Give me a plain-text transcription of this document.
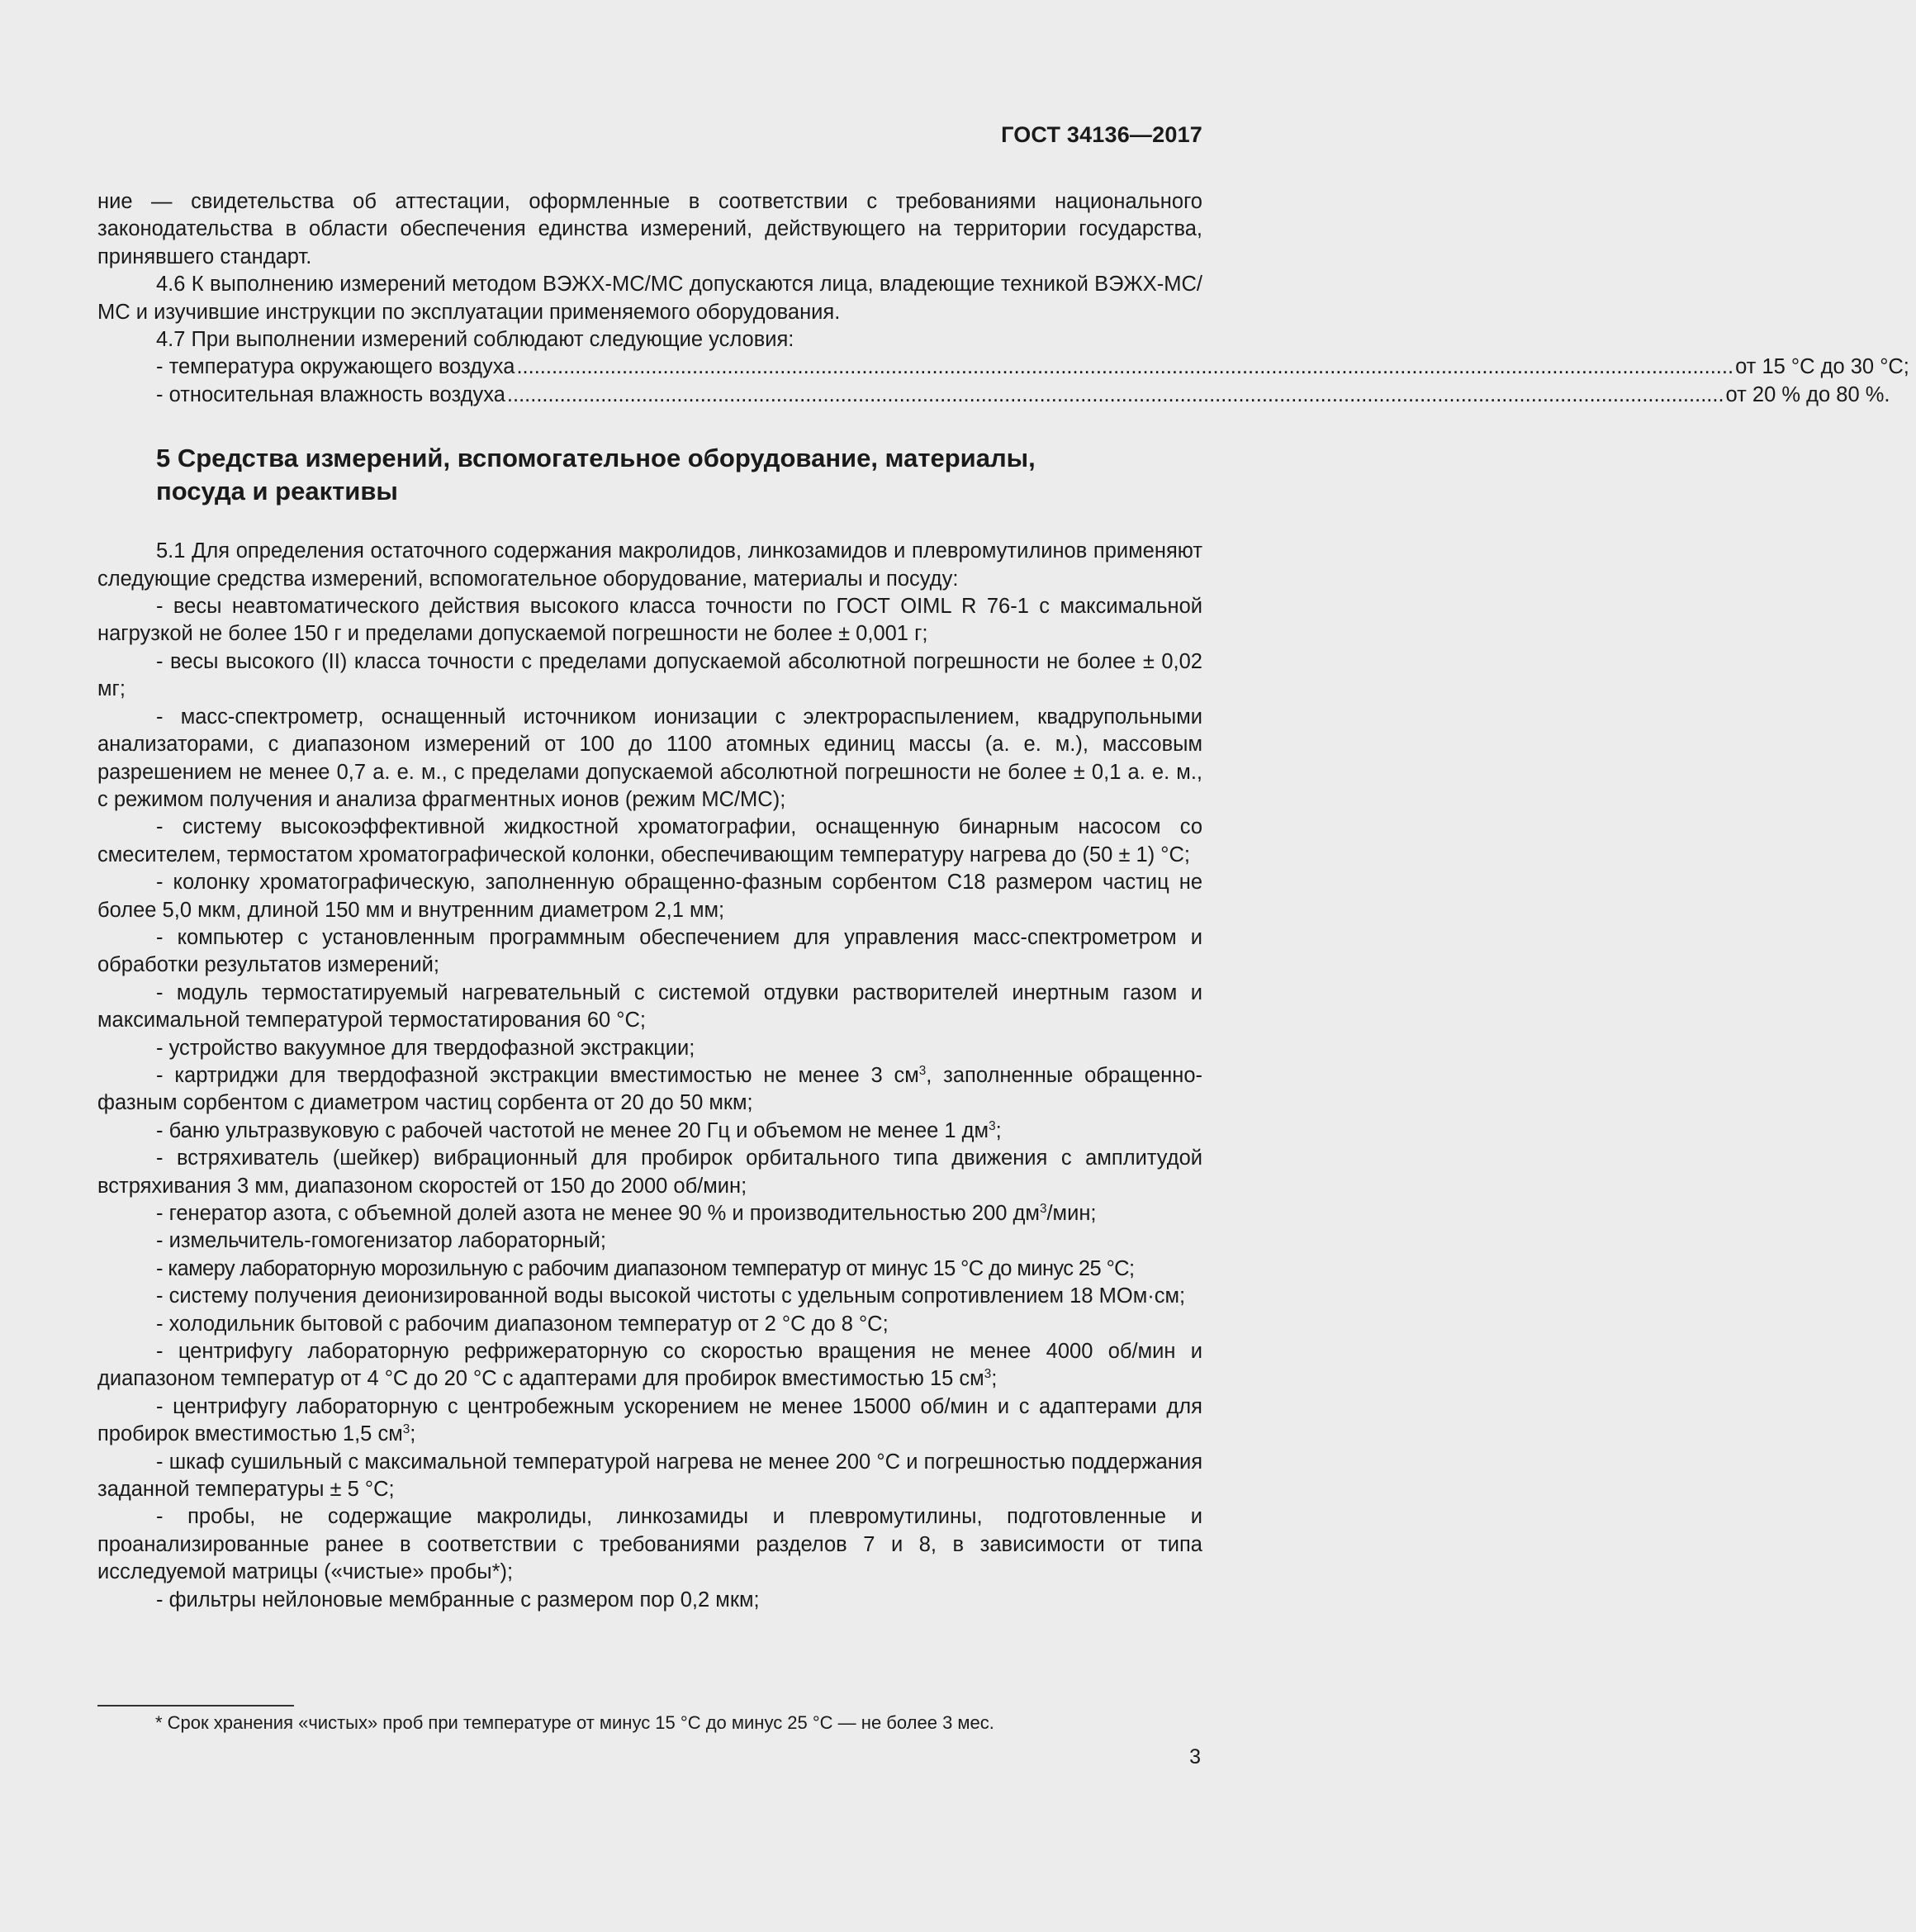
ГОСТ 34136—2017

ние — свидетельства об аттестации, оформленные в соответствии с требованиями национального законодательства в области обеспечения единства измерений, действующего на территории государства, принявшего стандарт.

4.6 К выполнению измерений методом ВЭЖХ-МС/МС допускаются лица, владеющие техникой ВЭЖХ-МС/МС и изучившие инструкции по эксплуатации применяемого оборудования.

4.7 При выполнении измерений соблюдают следующие условия:

- температура окружающего воздуха ................................................................................................................................................................................................................ от 15 °С до 30 °С;
- относительная влажность воздуха ................................................................................................................................................................................................................ от 20 % до 80 %.
5 Средства измерений, вспомогательное оборудование, материалы, посуда и реактивы

5.1 Для определения остаточного содержания макролидов, линкозамидов и плевромутилинов применяют следующие средства измерений, вспомогательное оборудование, материалы и посуду:

- весы неавтоматического действия высокого класса точности по ГОСТ OIML R 76-1 с максимальной нагрузкой не более 150 г и пределами допускаемой погрешности не более ± 0,001 г;

- весы высокого (II) класса точности с пределами допускаемой абсолютной погрешности не более ± 0,02 мг;

- масс-спектрометр, оснащенный источником ионизации с электрораспылением, квадрупольными анализаторами, с диапазоном измерений от 100 до 1100 атомных единиц массы (а. е. м.), массовым разрешением не менее 0,7 а. е. м., с пределами допускаемой абсолютной погрешности не более ± 0,1 а. е. м., с режимом получения и анализа фрагментных ионов (режим МС/МС);

- систему высокоэффективной жидкостной хроматографии, оснащенную бинарным насосом со смесителем, термостатом хроматографической колонки, обеспечивающим температуру нагрева до (50 ± 1) °С;

- колонку хроматографическую, заполненную обращенно-фазным сорбентом C18 размером частиц не более 5,0 мкм, длиной 150 мм и внутренним диаметром 2,1 мм;

- компьютер с установленным программным обеспечением для управления масс-спектрометром и обработки результатов измерений;

- модуль термостатируемый нагревательный с системой отдувки растворителей инертным газом и максимальной температурой термостатирования 60 °С;

- устройство вакуумное для твердофазной экстракции;

- картриджи для твердофазной экстракции вместимостью не менее 3 $см^3$, заполненные обращенно-фазным сорбентом с диаметром частиц сорбента от 20 до 50 мкм;

- баню ультразвуковую с рабочей частотой не менее 20 Гц и объемом не менее 1 $дм^3$;

- встряхиватель (шейкер) вибрационный для пробирок орбитального типа движения с амплитудой встряхивания 3 мм, диапазоном скоростей от 150 до 2000 об/мин;

- генератор азота, с объемной долей азота не менее 90 % и производительностью 200 $дм^3$/мин;

- измельчитель-гомогенизатор лабораторный;

- камеру лабораторную морозильную с рабочим диапазоном температур от минус 15 °С до минус 25 °С;

- систему получения деионизированной воды высокой чистоты с удельным сопротивлением 18 МОм·см;

- холодильник бытовой с рабочим диапазоном температур от 2 °С до 8 °С;

- центрифугу лабораторную рефрижераторную со скоростью вращения не менее 4000 об/мин и диапазоном температур от 4 °С до 20 °С с адаптерами для пробирок вместимостью 15 $см^3$;

- центрифугу лабораторную с центробежным ускорением не менее 15000 об/мин и с адаптерами для пробирок вместимостью 1,5 $см^3$;

- шкаф сушильный с максимальной температурой нагрева не менее 200 °С и погрешностью поддержания заданной температуры ± 5 °С;

- пробы, не содержащие макролиды, линкозамиды и плевромутилины, подготовленные и проанализированные ранее в соответствии с требованиями разделов 7 и 8, в зависимости от типа исследуемой матрицы («чистые» пробы*);

- фильтры нейлоновые мембранные с размером пор 0,2 мкм;

* Срок хранения «чистых» проб при температуре от минус 15 °С до минус 25 °С — не более 3 мес.
3
